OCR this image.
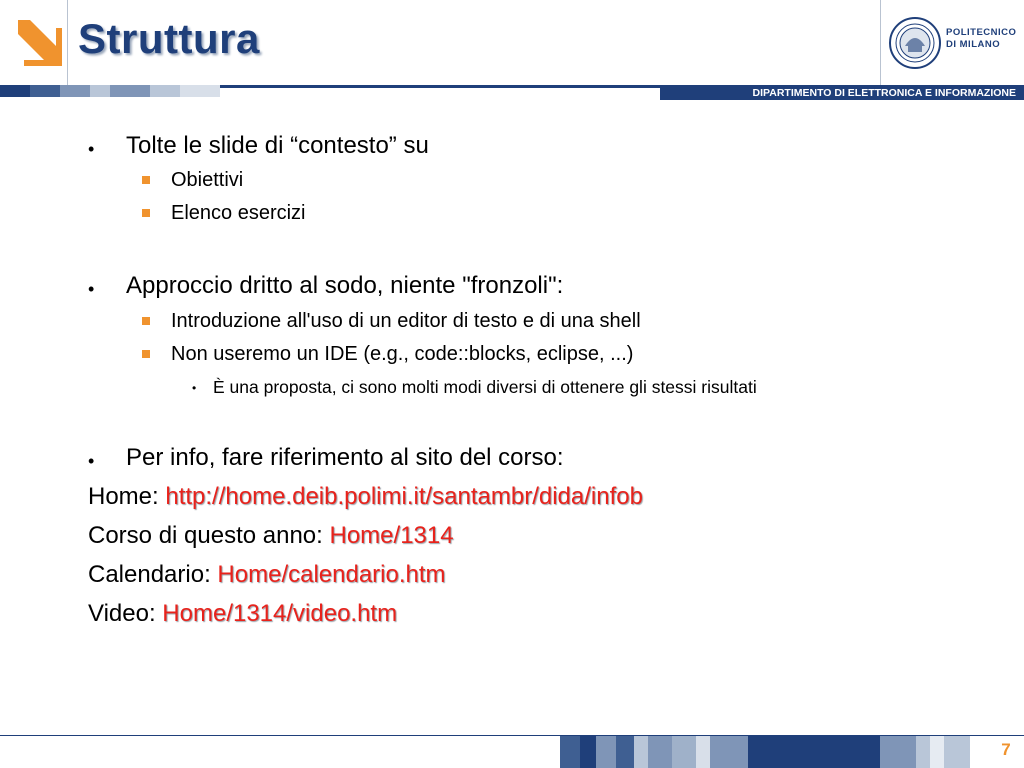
Struttura	POLITECNICO
DI MILANO
DIPARTIMENTO DI ELETTRONICA E INFORMAZIONE
• Tolte le slide di “contesto” su
Obiettivi
Elenco esercizi
• Approccio dritto al sodo, niente "fronzoli":
Introduzione all'uso di un editor di testo e di una shell
Non useremo un IDE (e.g., code::blocks, eclipse, ...)
• È una proposta, ci sono molti modi diversi di ottenere gli stessi risultati
• Per info, fare riferimento al sito del corso:
Home: http://home.deib.polimi.it/santambr/dida/infob
Corso di questo anno: Home/1314
Calendario: Home/calendario.htm
Video: Home/1314/video.htm
7
